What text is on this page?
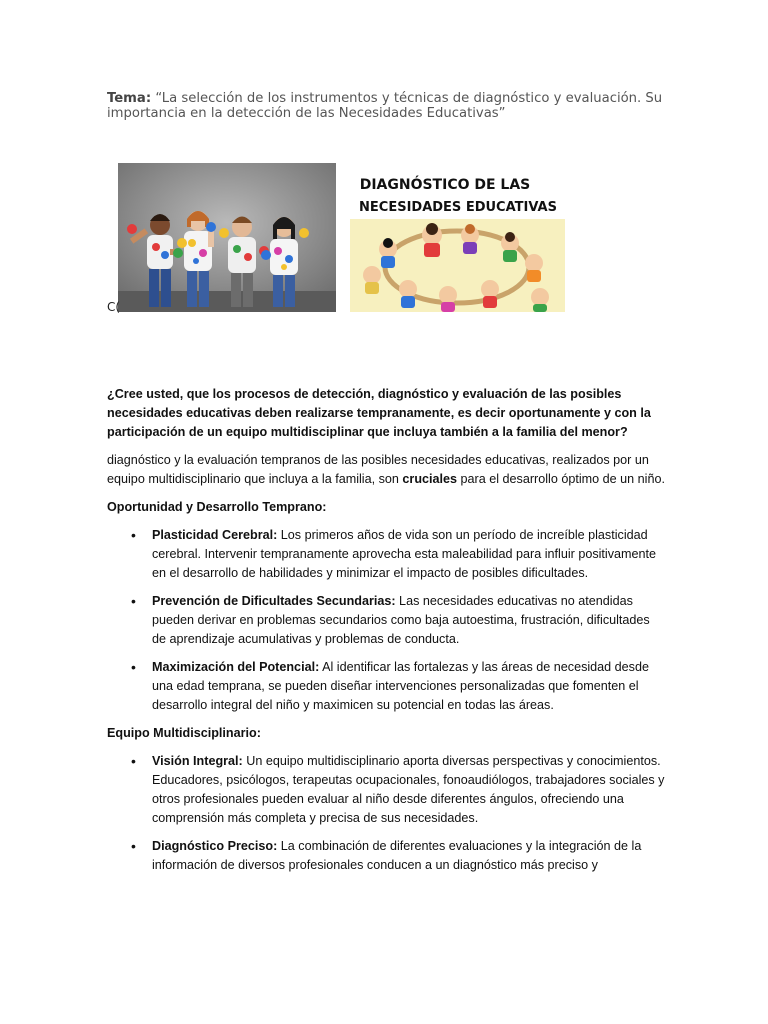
Tema: “La selección de los instrumentos y técnicas de diagnóstico y evaluación. Su importancia en la detección de las Necesidades Educativas”
DIAGNÓSTICO DE LAS
NECESIDADES EDUCATIVAS
C(

¿Cree usted, que los procesos de detección, diagnóstico y evaluación de las posibles necesidades educativas deben realizarse tempranamente, es decir oportunamente y con la participación de un equipo multidisciplinar que incluya también a la familia del menor?

diagnóstico y la evaluación tempranos de las posibles necesidades educativas, realizados por un equipo multidisciplinario que incluya a la familia, son cruciales para el desarrollo óptimo de un niño.

Oportunidad y Desarrollo Temprano:

• Plasticidad Cerebral: Los primeros años de vida son un período de increíble plasticidad cerebral. Intervenir tempranamente aprovecha esta maleabilidad para influir positivamente en el desarrollo de habilidades y minimizar el impacto de posibles dificultades.
• Prevención de Dificultades Secundarias: Las necesidades educativas no atendidas pueden derivar en problemas secundarios como baja autoestima, frustración, dificultades de aprendizaje acumulativas y problemas de conducta.
• Maximización del Potencial: Al identificar las fortalezas y las áreas de necesidad desde una edad temprana, se pueden diseñar intervenciones personalizadas que fomenten el desarrollo integral del niño y maximicen su potencial en todas las áreas.

Equipo Multidisciplinario:

• Visión Integral: Un equipo multidisciplinario aporta diversas perspectivas y conocimientos. Educadores, psicólogos, terapeutas ocupacionales, fonoaudiólogos, trabajadores sociales y otros profesionales pueden evaluar al niño desde diferentes ángulos, ofreciendo una comprensión más completa y precisa de sus necesidades.
• Diagnóstico Preciso: La combinación de diferentes evaluaciones y la integración de la información de diversos profesionales conducen a un diagnóstico más preciso y
